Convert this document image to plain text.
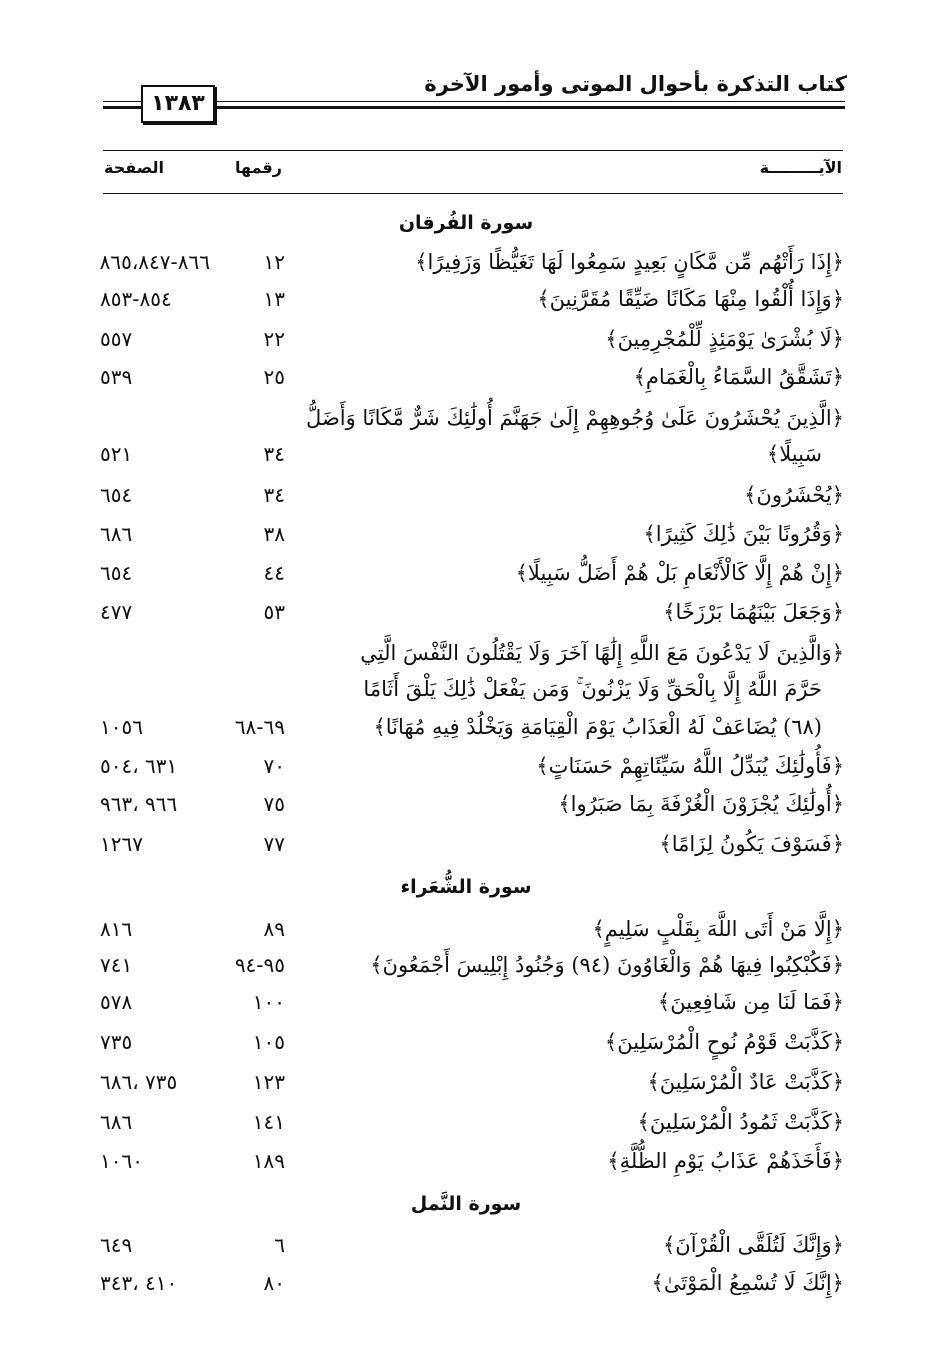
كتاب التذكرة بأحوال الموتى وأمور الآخرة
١٣٨٣
الآيـــــــــة
رقمها
الصفحة
سورة الفُرقان
﴿إِذَا رَأَتْهُم مِّن مَّكَانٍ بَعِيدٍ سَمِعُوا لَهَا تَغَيُّظًا وَزَفِيرًا﴾
١٢
٨٦٦-٨٦٥،٨٤٧
﴿وَإِذَا أُلْقُوا مِنْهَا مَكَانًا ضَيِّقًا مُقَرَّنِينَ﴾
١٣
٨٥٤-٨٥٣
﴿لَا بُشْرَىٰ يَوْمَئِذٍ لِّلْمُجْرِمِينَ﴾
٢٢
٥٥٧
﴿تَشَقَّقُ السَّمَاءُ بِالْغَمَامِ﴾
٢٥
٥٣٩
﴿الَّذِينَ يُحْشَرُونَ عَلَىٰ وُجُوهِهِمْ إِلَىٰ جَهَنَّمَ أُولَٰئِكَ شَرٌّ مَّكَانًا وَأَضَلُّ
سَبِيلًا﴾
٣٤
٥٢١
﴿يُحْشَرُونَ﴾
٣٤
٦٥٤
﴿وَقُرُونًا بَيْنَ ذَٰلِكَ كَثِيرًا﴾
٣٨
٦٨٦
﴿إِنْ هُمْ إِلَّا كَالْأَنْعَامِ بَلْ هُمْ أَضَلُّ سَبِيلًا﴾
٤٤
٦٥٤
﴿وَجَعَلَ بَيْنَهُمَا بَرْزَخًا﴾
٥٣
٤٧٧
﴿وَالَّذِينَ لَا يَدْعُونَ مَعَ اللَّهِ إِلَٰهًا آخَرَ وَلَا يَقْتُلُونَ النَّفْسَ الَّتِي
حَرَّمَ اللَّهُ إِلَّا بِالْحَقِّ وَلَا يَزْنُونَ ۚ وَمَن يَفْعَلْ ذَٰلِكَ يَلْقَ أَثَامًا
(٦٨) يُضَاعَفْ لَهُ الْعَذَابُ يَوْمَ الْقِيَامَةِ وَيَخْلُدْ فِيهِ مُهَانًا﴾
٦٩-٦٨
١٠٥٦
﴿فَأُولَٰئِكَ يُبَدِّلُ اللَّهُ سَيِّئَاتِهِمْ حَسَنَاتٍ﴾
٧٠
٦٣١ ،٥٠٤
﴿أُولَٰئِكَ يُجْزَوْنَ الْغُرْفَةَ بِمَا صَبَرُوا﴾
٧٥
٩٦٦ ،٩٦٣
﴿فَسَوْفَ يَكُونُ لِزَامًا﴾
٧٧
١٢٦٧
سورة الشُّعَراء
﴿إِلَّا مَنْ أَتَى اللَّهَ بِقَلْبٍ سَلِيمٍ﴾
٨٩
٨١٦
﴿فَكُبْكِبُوا فِيهَا هُمْ وَالْغَاوُونَ (٩٤) وَجُنُودُ إِبْلِيسَ أَجْمَعُونَ﴾
٩٥-٩٤
٧٤١
﴿فَمَا لَنَا مِن شَافِعِينَ﴾
١٠٠
٥٧٨
﴿كَذَّبَتْ قَوْمُ نُوحٍ الْمُرْسَلِينَ﴾
١٠٥
٧٣٥
﴿كَذَّبَتْ عَادٌ الْمُرْسَلِينَ﴾
١٢٣
٧٣٥ ،٦٨٦
﴿كَذَّبَتْ ثَمُودُ الْمُرْسَلِينَ﴾
١٤١
٦٨٦
﴿فَأَخَذَهُمْ عَذَابُ يَوْمِ الظُّلَّةِ﴾
١٨٩
١٠٦٠
سورة النَّمل
﴿وَإِنَّكَ لَتُلَقَّى الْقُرْآنَ﴾
٦
٦٤٩
﴿إِنَّكَ لَا تُسْمِعُ الْمَوْتَىٰ﴾
٨٠
٤١٠ ،٣٤٣
